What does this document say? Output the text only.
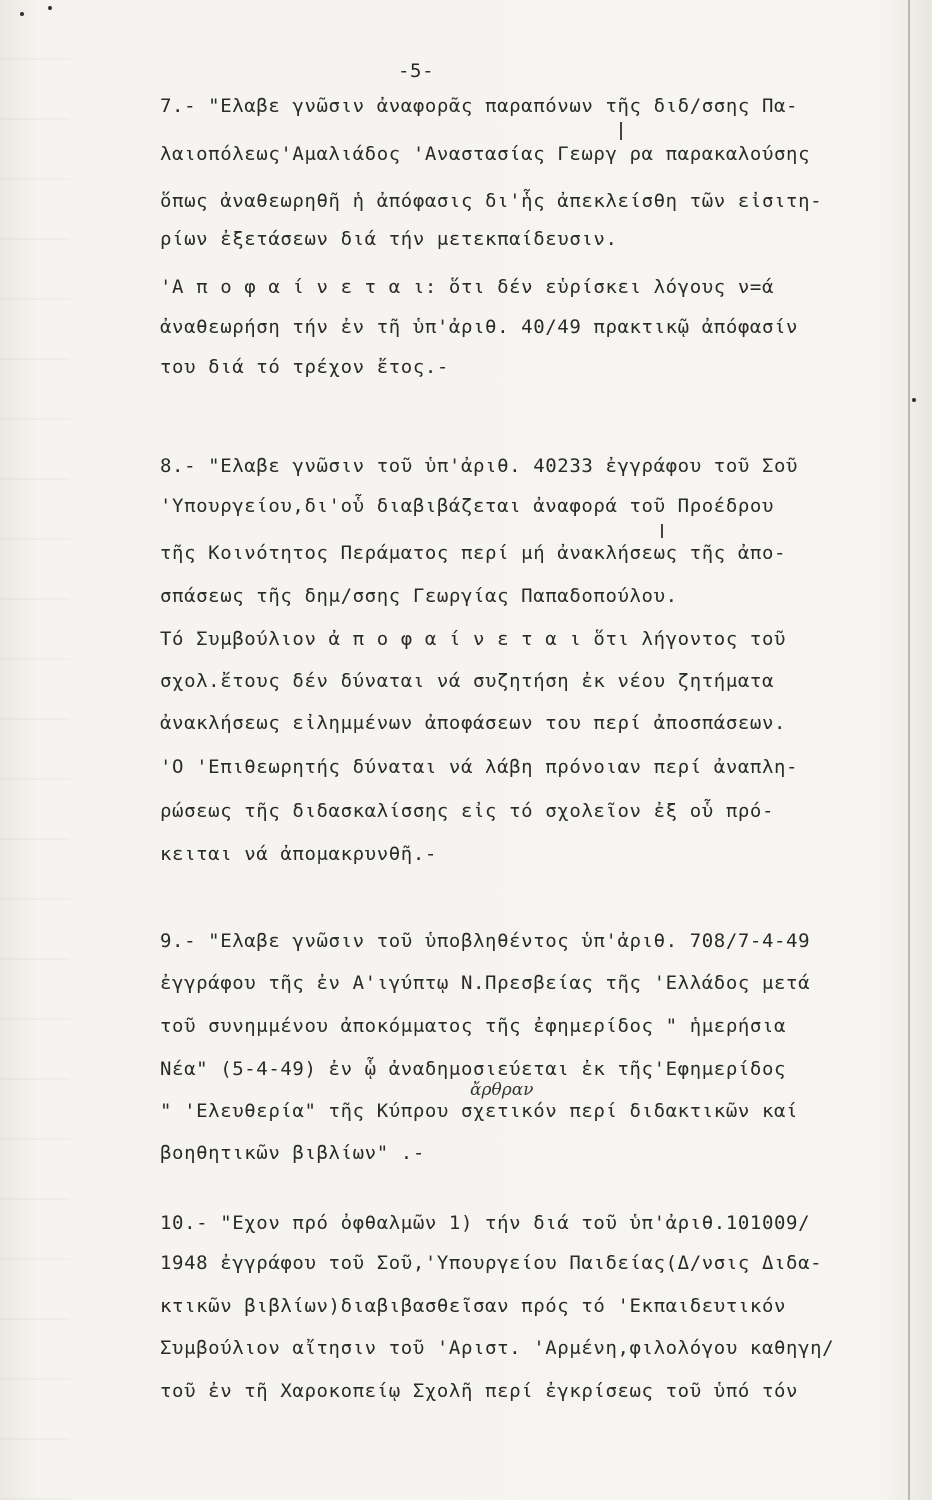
-5-
7.- "Ελαβε γνῶσιν ἀναφορᾶς παραπόνων τῆς διδ/σσης Πα-
λαιοπόλεως'Αμαλιάδος 'Αναστασίας Γεωργ ρα παρακαλούσης
ὅπως ἀναθεωρηθῆ ἡ ἀπόφασις δι'ἧς ἀπεκλείσθη τῶν εἰσιτη-
ρίων ἐξετάσεων διά τήν μετεκπαίδευσιν.
'Α π ο φ α ί ν ε τ α ι: ὅτι δέν εὑρίσκει λόγους ν=ά
ἀναθεωρήση τήν ἐν τῆ ὑπ'ἀριθ. 40/49 πρακτικῷ ἀπόφασίν
του διά τό τρέχον ἔτος.-
8.- "Ελαβε γνῶσιν τοῦ ὑπ'ἀριθ. 40233 ἐγγράφου τοῦ Σοῦ
'Υπουργείου,δι'οὗ διαβιβάζεται ἀναφορά τοῦ Προέδρου
τῆς Κοινότητος Περάματος περί μή ἀνακλήσεως τῆς ἀπο-
σπάσεως τῆς δημ/σσης Γεωργίας Παπαδοπούλου.
Τό Συμβούλιον ἀ π ο φ α ί ν ε τ α ι ὅτι λήγοντος τοῦ
σχολ.ἔτους δέν δύναται νά συζητήση ἐκ νέου ζητήματα
ἀνακλήσεως εἰλημμένων ἀποφάσεων του περί ἀποσπάσεων.
'Ο 'Επιθεωρητής δύναται νά λάβη πρόνοιαν περί ἀναπλη-
ρώσεως τῆς διδασκαλίσσης εἰς τό σχολεῖον ἐξ οὗ πρό-
κειται νά ἀπομακρυνθῆ.-
9.- "Ελαβε γνῶσιν τοῦ ὑποβληθέντος ὑπ'ἀριθ. 708/7-4-49
ἐγγράφου τῆς ἐν Α'ιγύπτῳ Ν.Πρεσβείας τῆς 'Ελλάδος μετά
τοῦ συνημμένου ἀποκόμματος τῆς ἐφημερίδος " ἡμερήσια
Νέα" (5-4-49) ἐν ᾧ ἀναδημοσιεύεται ἐκ τῆς'Εφημερίδος
" 'Ελευθερία" τῆς Κύπρου σχετικόν περί διδακτικῶν καί
βοηθητικῶν βιβλίων" .-
10.- "Εχον πρό ὀφθαλμῶν 1) τήν διά τοῦ ὑπ'ἀριθ.101009/
1948 ἐγγράφου τοῦ Σοῦ,'Υπουργείου Παιδείας(Δ/νσις Διδα-
κτικῶν βιβλίων)διαβιβασθεῖσαν πρός τό 'Εκπαιδευτικόν
Συμβούλιον αἴτησιν τοῦ 'Αριστ. 'Αρμένη,φιλολόγου καθηγη/
τοῦ ἐν τῆ Χαροκοπείῳ Σχολῆ περί ἐγκρίσεως τοῦ ὑπό τόν
ἄρθραν
